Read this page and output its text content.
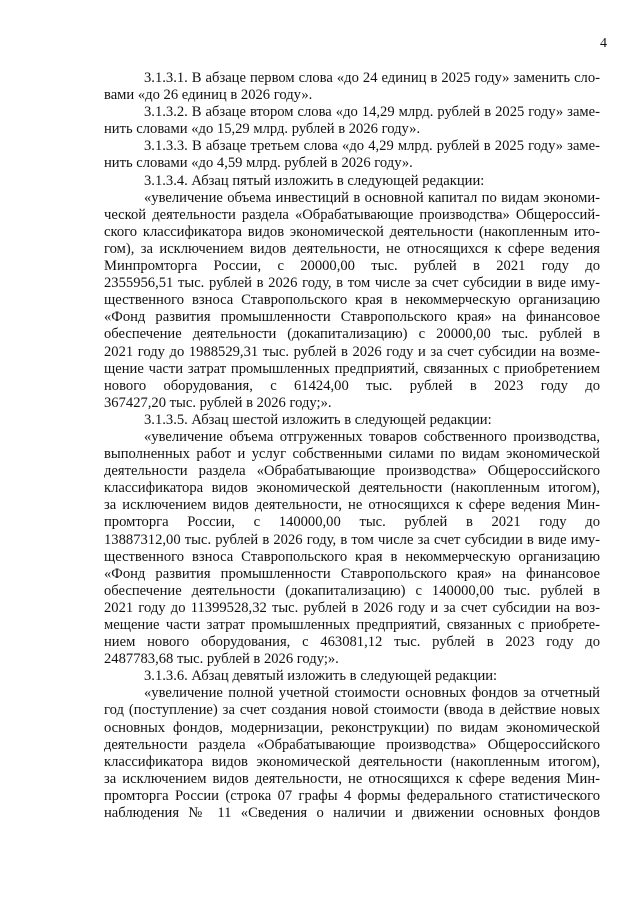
4
3.1.3.1. В абзаце первом слова «до 24 единиц в 2025 году» заменить сло-
вами «до 26 единиц в 2026 году».
3.1.3.2. В абзаце втором слова «до 14,29 млрд. рублей в 2025 году» заме-
нить словами «до 15,29 млрд. рублей в 2026 году».
3.1.3.3. В абзаце третьем слова «до 4,29 млрд. рублей в 2025 году» заме-
нить словами «до 4,59 млрд. рублей в 2026 году».
3.1.3.4. Абзац пятый изложить в следующей редакции:
«увеличение объема инвестиций в основной капитал по видам экономи-
ческой деятельности раздела «Обрабатывающие производства» Общероссий-
ского классификатора видов экономической деятельности (накопленным ито-
гом), за исключением видов деятельности, не относящихся к сфере ведения
Минпромторга России, с 20000,00 тыс. рублей в 2021 году до
2355956,51 тыс. рублей в 2026 году, в том числе за счет субсидии в виде иму-
щественного взноса Ставропольского края в некоммерческую организацию
«Фонд развития промышленности Ставропольского края» на финансовое
обеспечение деятельности (докапитализацию) с 20000,00 тыс. рублей в
2021 году до 1988529,31 тыс. рублей в 2026 году и за счет субсидии на возме-
щение части затрат промышленных предприятий, связанных с приобретением
нового оборудования, с 61424,00 тыс. рублей в 2023 году до
367427,20 тыс. рублей в 2026 году;».
3.1.3.5. Абзац шестой изложить в следующей редакции:
«увеличение объема отгруженных товаров собственного производства,
выполненных работ и услуг собственными силами по видам экономической
деятельности раздела «Обрабатывающие производства» Общероссийского
классификатора видов экономической деятельности (накопленным итогом),
за исключением видов деятельности, не относящихся к сфере ведения Мин-
промторга России, с 140000,00 тыс. рублей в 2021 году до
13887312,00 тыс. рублей в 2026 году, в том числе за счет субсидии в виде иму-
щественного взноса Ставропольского края в некоммерческую организацию
«Фонд развития промышленности Ставропольского края» на финансовое
обеспечение деятельности (докапитализацию) с 140000,00 тыс. рублей в
2021 году до 11399528,32 тыс. рублей в 2026 году и за счет субсидии на воз-
мещение части затрат промышленных предприятий, связанных с приобрете-
нием нового оборудования, с 463081,12 тыс. рублей в 2023 году до
2487783,68 тыс. рублей в 2026 году;».
3.1.3.6. Абзац девятый изложить в следующей редакции:
«увеличение полной учетной стоимости основных фондов за отчетный
год (поступление) за счет создания новой стоимости (ввода в действие новых
основных фондов, модернизации, реконструкции) по видам экономической
деятельности раздела «Обрабатывающие производства» Общероссийского
классификатора видов экономической деятельности (накопленным итогом),
за исключением видов деятельности, не относящихся к сфере ведения Мин-
промторга России (строка 07 графы 4 формы федерального статистического
наблюдения № 11 «Сведения о наличии и движении основных фондов
